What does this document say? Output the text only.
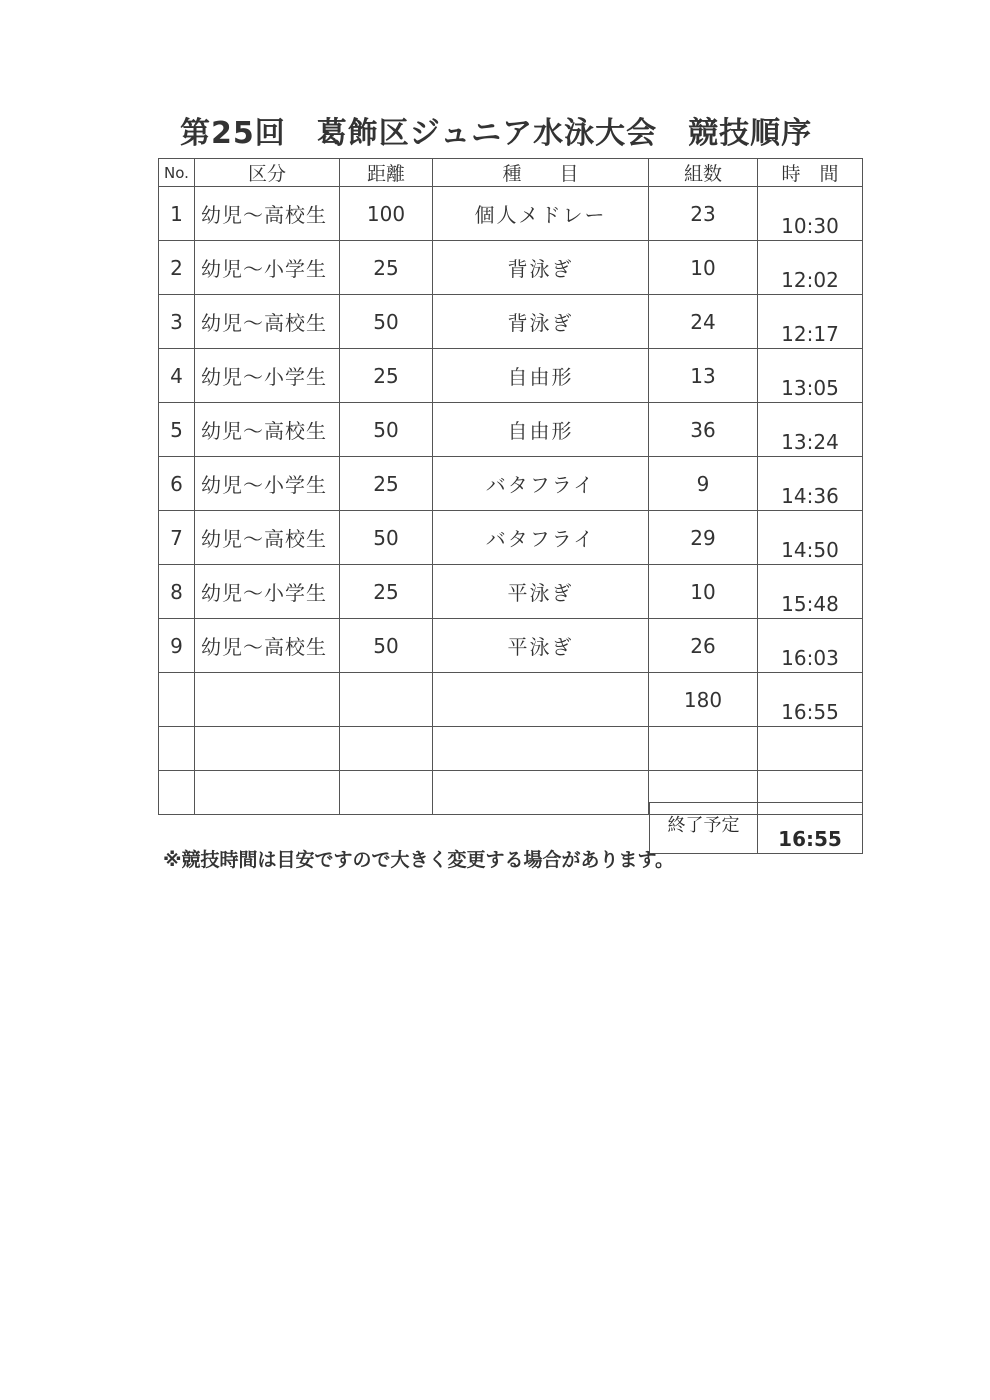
第25回　葛飾区ジュニア水泳大会　競技順序
No.	区分	距離	種　　目	組数	時　間
1	幼児～高校生	100	個人メドレー	23	10:30
2	幼児～小学生	25	背泳ぎ	10	12:02
3	幼児～高校生	50	背泳ぎ	24	12:17
4	幼児～小学生	25	自由形	13	13:05
5	幼児～高校生	50	自由形	36	13:24
6	幼児～小学生	25	バタフライ	9	14:36
7	幼児～高校生	50	バタフライ	29	14:50
8	幼児～小学生	25	平泳ぎ	10	15:48
9	幼児～高校生	50	平泳ぎ	26	16:03
				180	16:55

終了予定	16:55
※競技時間は目安ですので大きく変更する場合があります。
